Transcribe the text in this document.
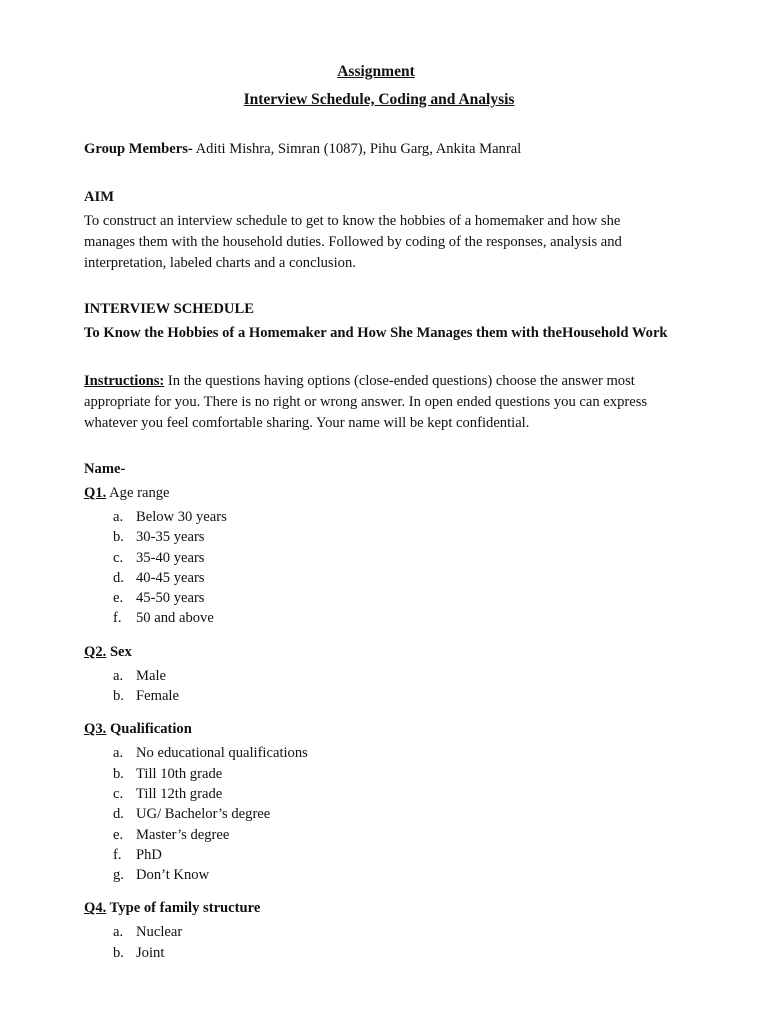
Assignment
Interview Schedule, Coding and Analysis

Group Members- Aditi Mishra, Simran (1087), Pihu Garg, Ankita Manral

AIM

To construct an interview schedule to get to know the hobbies of a homemaker and how she manages them with the household duties. Followed by coding of the responses, analysis and interpretation, labeled charts and a conclusion.

INTERVIEW SCHEDULE

To Know the Hobbies of a Homemaker and How She Manages them with theHousehold Work

Instructions: In the questions having options (close-ended questions) choose the answer most appropriate for you. There is no right or wrong answer. In open ended questions you can express whatever you feel comfortable sharing. Your name will be kept confidential.

Name-

Q1. Age range

a. Below 30 years
b. 30-35 years
c. 35-40 years
d. 40-45 years
e. 45-50 years
f. 50 and above

Q2. Sex

a. Male
b. Female

Q3. Qualification

a. No educational qualifications
b. Till 10th grade
c. Till 12th grade
d. UG/ Bachelor’s degree
e. Master’s degree
f. PhD
g. Don’t Know

Q4. Type of family structure

a. Nuclear
b. Joint
